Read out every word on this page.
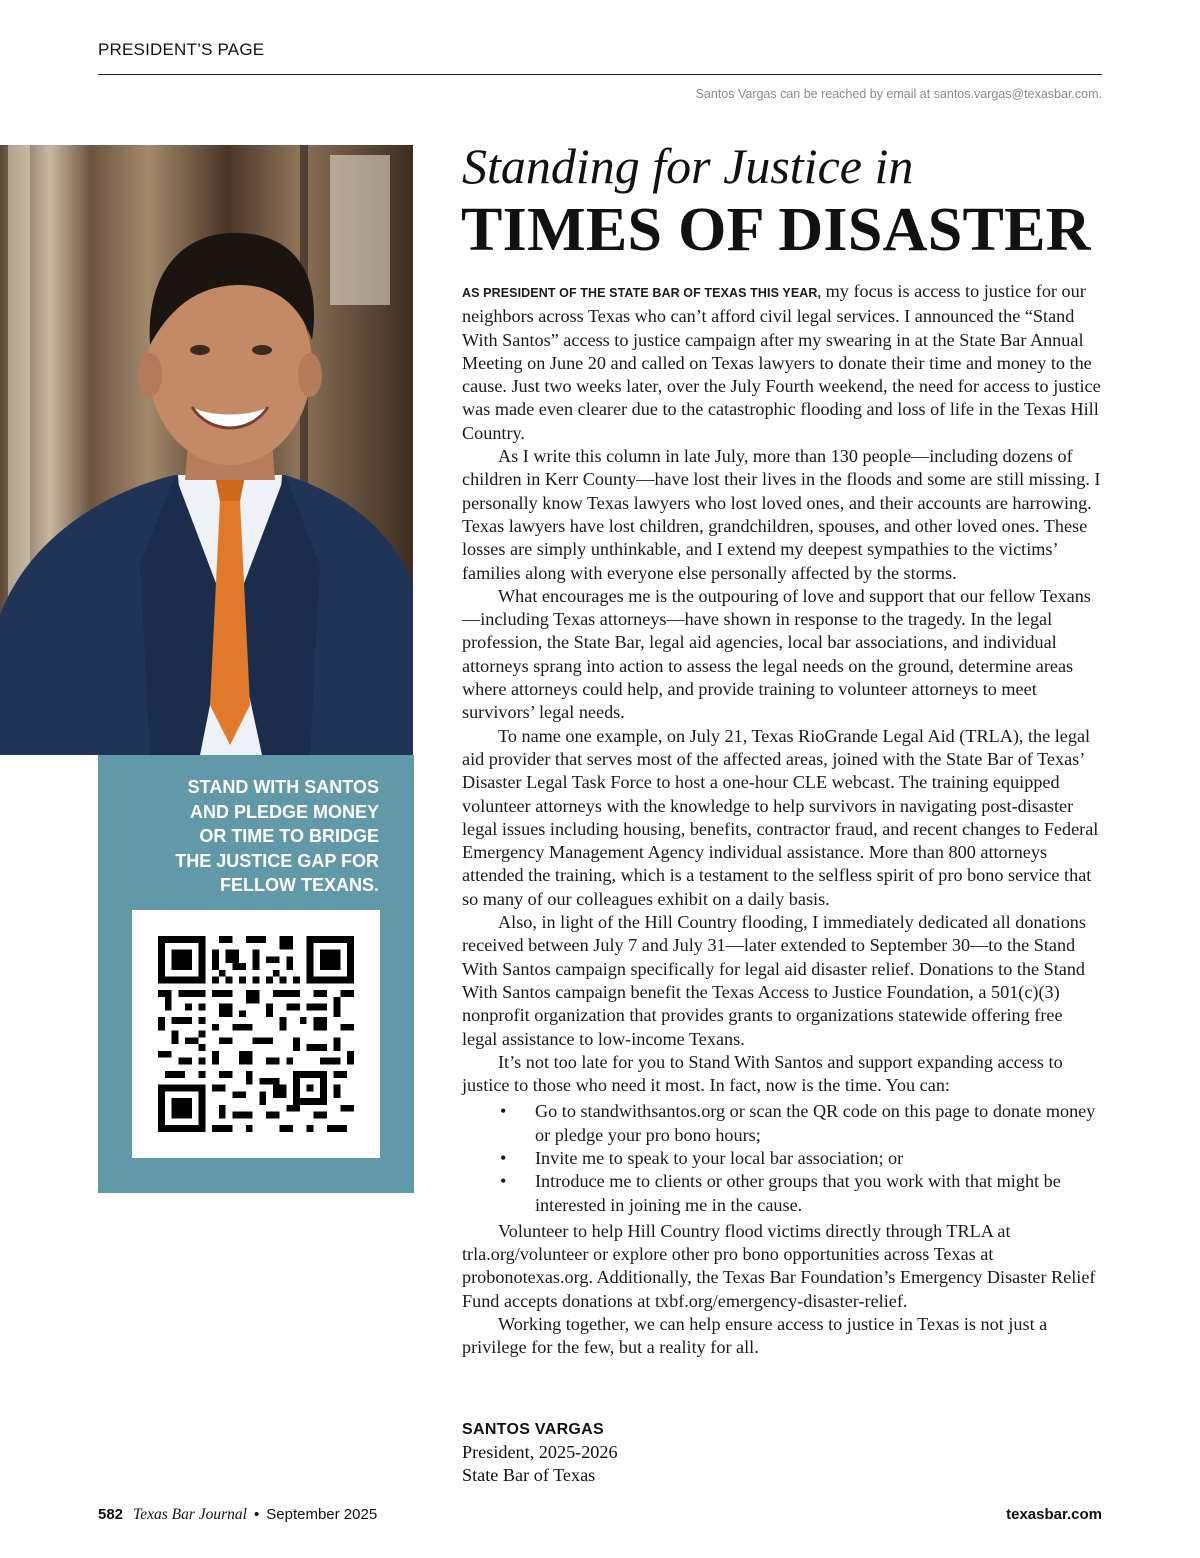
PRESIDENT’S PAGE
Santos Vargas can be reached by email at santos.vargas@texasbar.com.
STAND WITH SANTOS
AND PLEDGE MONEY
OR TIME TO BRIDGE
THE JUSTICE GAP FOR
FELLOW TEXANS.
Standing for Justice in
TIMES OF DISASTER

AS PRESIDENT OF THE STATE BAR OF TEXAS THIS YEAR, my focus is access to justice for our neighbors across Texas who can’t afford civil legal services. I announced the “Stand With Santos” access to justice campaign after my swearing in at the State Bar Annual Meeting on June 20 and called on Texas lawyers to donate their time and money to the cause. Just two weeks later, over the July Fourth weekend, the need for access to justice was made even clearer due to the catastrophic flooding and loss of life in the Texas Hill Country.

As I write this column in late July, more than 130 people—including dozens of children in Kerr County—have lost their lives in the floods and some are still missing. I personally know Texas lawyers who lost loved ones, and their accounts are harrowing. Texas lawyers have lost children, grandchildren, spouses, and other loved ones. These losses are simply unthinkable, and I extend my deepest sympathies to the victims’ families along with everyone else personally affected by the storms.

What encourages me is the outpouring of love and support that our fellow Texans—including Texas attorneys—have shown in response to the tragedy. In the legal profession, the State Bar, legal aid agencies, local bar associations, and individual attorneys sprang into action to assess the legal needs on the ground, determine areas where attorneys could help, and provide training to volunteer attorneys to meet survivors’ legal needs.

To name one example, on July 21, Texas RioGrande Legal Aid (TRLA), the legal aid provider that serves most of the affected areas, joined with the State Bar of Texas’ Disaster Legal Task Force to host a one-hour CLE webcast. The training equipped volunteer attorneys with the knowledge to help survivors in navigating post-disaster legal issues including housing, benefits, contractor fraud, and recent changes to Federal Emergency Management Agency individual assistance. More than 800 attorneys attended the training, which is a testament to the selfless spirit of pro bono service that so many of our colleagues exhibit on a daily basis.

Also, in light of the Hill Country flooding, I immediately dedicated all donations received between July 7 and July 31—later extended to September 30—to the Stand With Santos campaign specifically for legal aid disaster relief. Donations to the Stand With Santos campaign benefit the Texas Access to Justice Foundation, a 501(c)(3) nonprofit organization that provides grants to organizations statewide offering free legal assistance to low-income Texans.

It’s not too late for you to Stand With Santos and support expanding access to justice to those who need it most. In fact, now is the time. You can:

• Go to standwithsantos.org or scan the QR code on this page to donate money or pledge your pro bono hours;
• Invite me to speak to your local bar association; or
• Introduce me to clients or other groups that you work with that might be interested in joining me in the cause.

Volunteer to help Hill Country flood victims directly through TRLA at trla.org/volunteer or explore other pro bono opportunities across Texas at probonotexas.org. Additionally, the Texas Bar Foundation’s Emergency Disaster Relief Fund accepts donations at txbf.org/emergency-disaster-relief.

Working together, we can help ensure access to justice in Texas is not just a privilege for the few, but a reality for all.

SANTOS VARGAS
President, 2025-2026
State Bar of Texas
582 Texas Bar Journal • September 2025	texasbar.com
